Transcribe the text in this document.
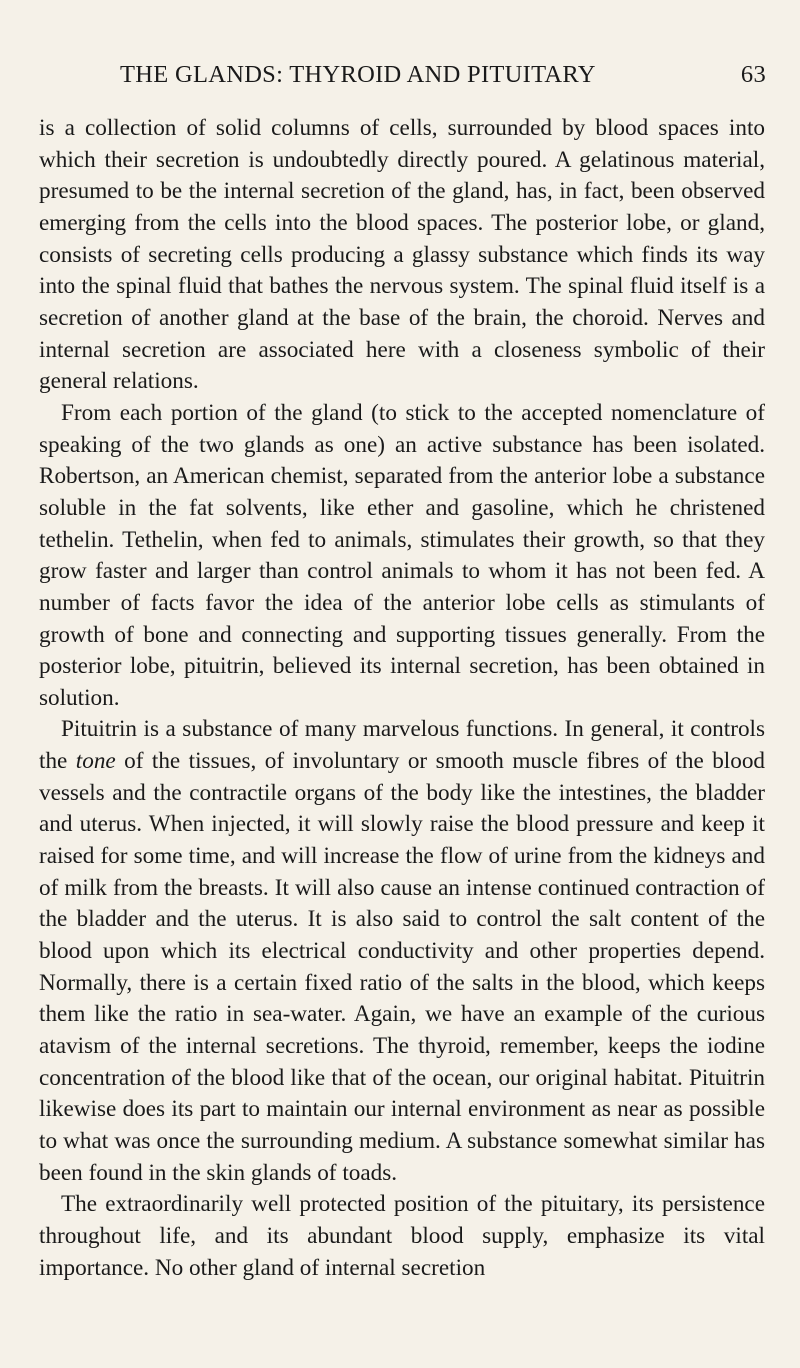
THE GLANDS: THYROID AND PITUITARY	63

is a collection of solid columns of cells, surrounded by blood spaces into which their secretion is undoubtedly directly poured. A gelatinous material, presumed to be the internal secretion of the gland, has, in fact, been observed emerging from the cells into the blood spaces. The posterior lobe, or gland, consists of secreting cells producing a glassy substance which finds its way into the spinal fluid that bathes the nervous system. The spinal fluid itself is a secretion of another gland at the base of the brain, the choroid. Nerves and internal secretion are associated here with a closeness symbolic of their general relations.

From each portion of the gland (to stick to the accepted nomenclature of speaking of the two glands as one) an active substance has been isolated. Robertson, an American chemist, separated from the anterior lobe a substance soluble in the fat solvents, like ether and gasoline, which he christened tethelin. Tethelin, when fed to animals, stimulates their growth, so that they grow faster and larger than control animals to whom it has not been fed. A number of facts favor the idea of the anterior lobe cells as stimulants of growth of bone and connecting and supporting tissues generally. From the posterior lobe, pituitrin, believed its internal secretion, has been obtained in solution.

Pituitrin is a substance of many marvelous functions. In general, it controls the tone of the tissues, of involuntary or smooth muscle fibres of the blood vessels and the contractile organs of the body like the intestines, the bladder and uterus. When injected, it will slowly raise the blood pressure and keep it raised for some time, and will increase the flow of urine from the kidneys and of milk from the breasts. It will also cause an intense continued contraction of the bladder and the uterus. It is also said to control the salt content of the blood upon which its electrical conductivity and other properties depend. Normally, there is a certain fixed ratio of the salts in the blood, which keeps them like the ratio in sea-water. Again, we have an example of the curious atavism of the internal secretions. The thyroid, remember, keeps the iodine concentration of the blood like that of the ocean, our original habitat. Pituitrin likewise does its part to maintain our internal environment as near as possible to what was once the surrounding medium. A substance somewhat similar has been found in the skin glands of toads.

The extraordinarily well protected position of the pituitary, its persistence throughout life, and its abundant blood supply, emphasize its vital importance. No other gland of internal secretion
